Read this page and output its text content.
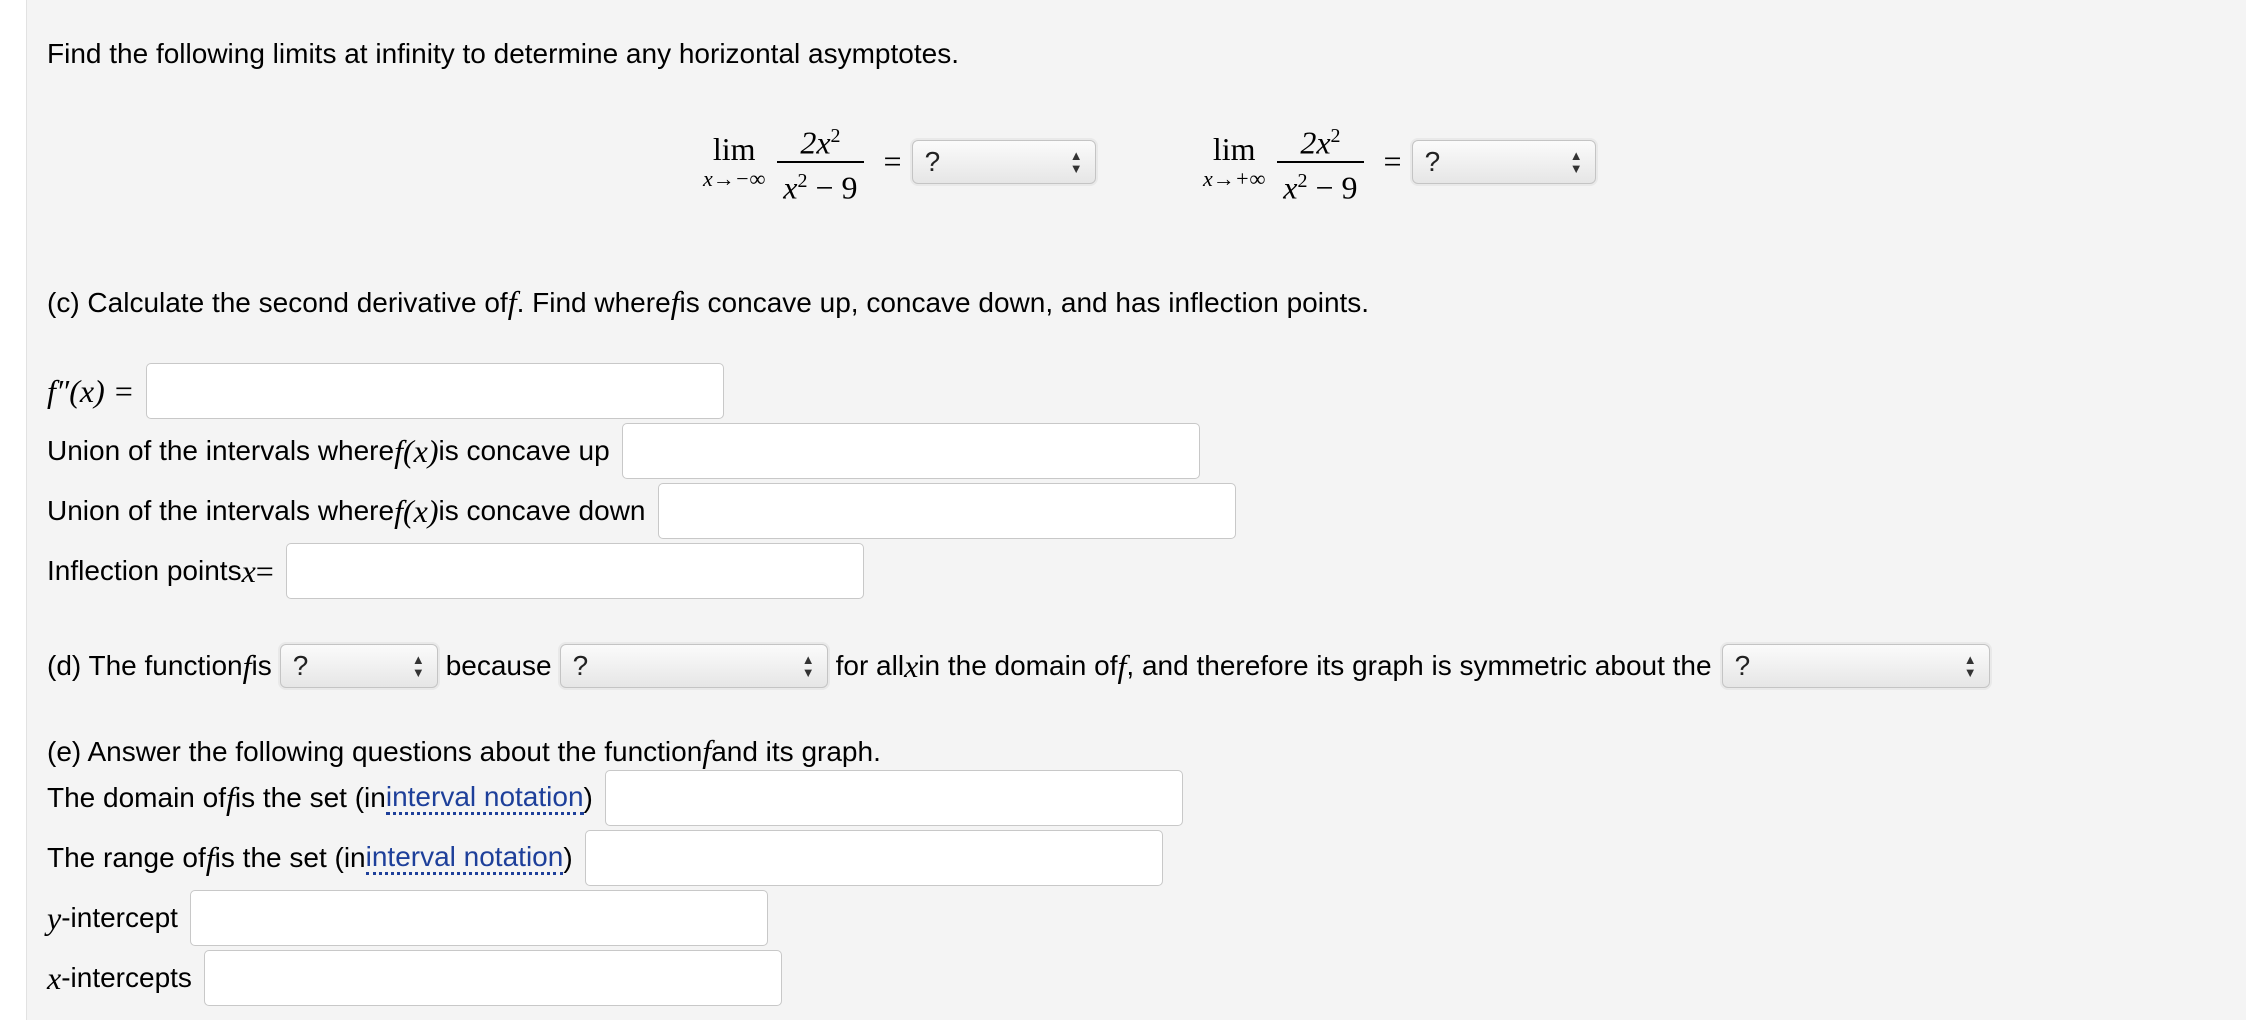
Find the following limits at infinity to determine any horizontal asymptotes.
lim
$x\to-\infty \frac{2x^2}{x^2 - 9}$ = ?	▲
▼
lim
$x\to+\infty \frac{2x^2}{x^2 - 9}$ = ?	▲
▼
(c) Calculate the second derivative of f . Find where f is concave up, concave down, and has inflection points.
f″(x) =
Union of the intervals where f(x) is concave up
Union of the intervals where f(x) is concave down
Inflection points x =
(d) The function f is ?	▲
▼ because ?	▲
▼ for all x in the domain of f , and therefore its graph is symmetric about the ?	▲
▼
(e) Answer the following questions about the function f and its graph.
The domain of f is the set (in interval notation )
The range of f is the set (in interval notation )
y -intercept
x -intercepts
